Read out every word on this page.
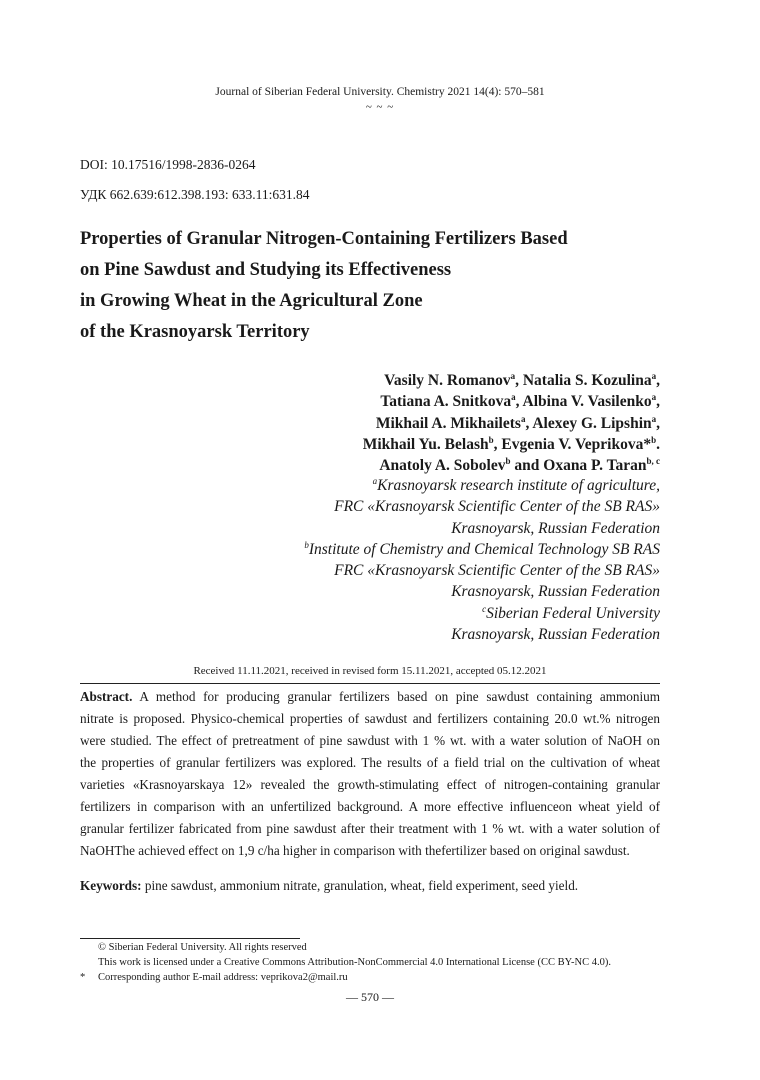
Journal of Siberian Federal University. Chemistry 2021 14(4): 570–581
~ ~ ~
DOI: 10.17516/1998-2836-0264
УДК 662.639:612.398.193: 633.11:631.84
Properties of Granular Nitrogen-Containing Fertilizers Based
on Pine Sawdust and Studying its Effectiveness
in Growing Wheat in the Agricultural Zone
of the Krasnoyarsk Territory
Vasily N. Romanov$^a$, Natalia S. Kozulina$^a$,
Tatiana A. Snitkova$^a$, Albina V. Vasilenko$^a$,
Mikhail A. Mikhailets$^a$, Alexey G. Lipshin$^a$,
Mikhail Yu. Belash$^b$, Evgenia V. Veprikova*$^b$.
Anatoly A. Sobolev$^b$ and Oxana P. Taran$^{b, c}$
$^a$Krasnoyarsk research institute of agriculture,
FRC «Krasnoyarsk Scientific Center of the SB RAS»
Krasnoyarsk, Russian Federation
$^b$Institute of Chemistry and Chemical Technology SB RAS
FRC «Krasnoyarsk Scientific Center of the SB RAS»
Krasnoyarsk, Russian Federation
$^c$Siberian Federal University
Krasnoyarsk, Russian Federation
Received 11.11.2021, received in revised form 15.11.2021, accepted 05.12.2021
Abstract. A method for producing granular fertilizers based on pine sawdust containing ammonium
nitrate is proposed. Physico-chemical properties of sawdust and fertilizers containing 20.0 wt.% nitrogen
were studied. The effect of pretreatment of pine sawdust with 1 % wt. with a water solution of NaOH on
the properties of granular fertilizers was explored. The results of a field trial on the cultivation of wheat
varieties «Krasnoyarskaya 12» revealed the growth-stimulating effect of nitrogen-containing granular
fertilizers in comparison with an unfertilized background. A more effective influenceon wheat yield of
granular fertilizer fabricated from pine sawdust after their treatment with 1 % wt. with a water solution of
NaOHThe achieved effect on 1,9 c/ha higher in comparison with thefertilizer based on original sawdust.
Keywords: pine sawdust, ammonium nitrate, granulation, wheat, field experiment, seed yield.
© Siberian Federal University. All rights reserved
This work is licensed under a Creative Commons Attribution-NonCommercial 4.0 International License (CC BY-NC 4.0).
* Corresponding author E-mail address: veprikova2@mail.ru
— 570 —
